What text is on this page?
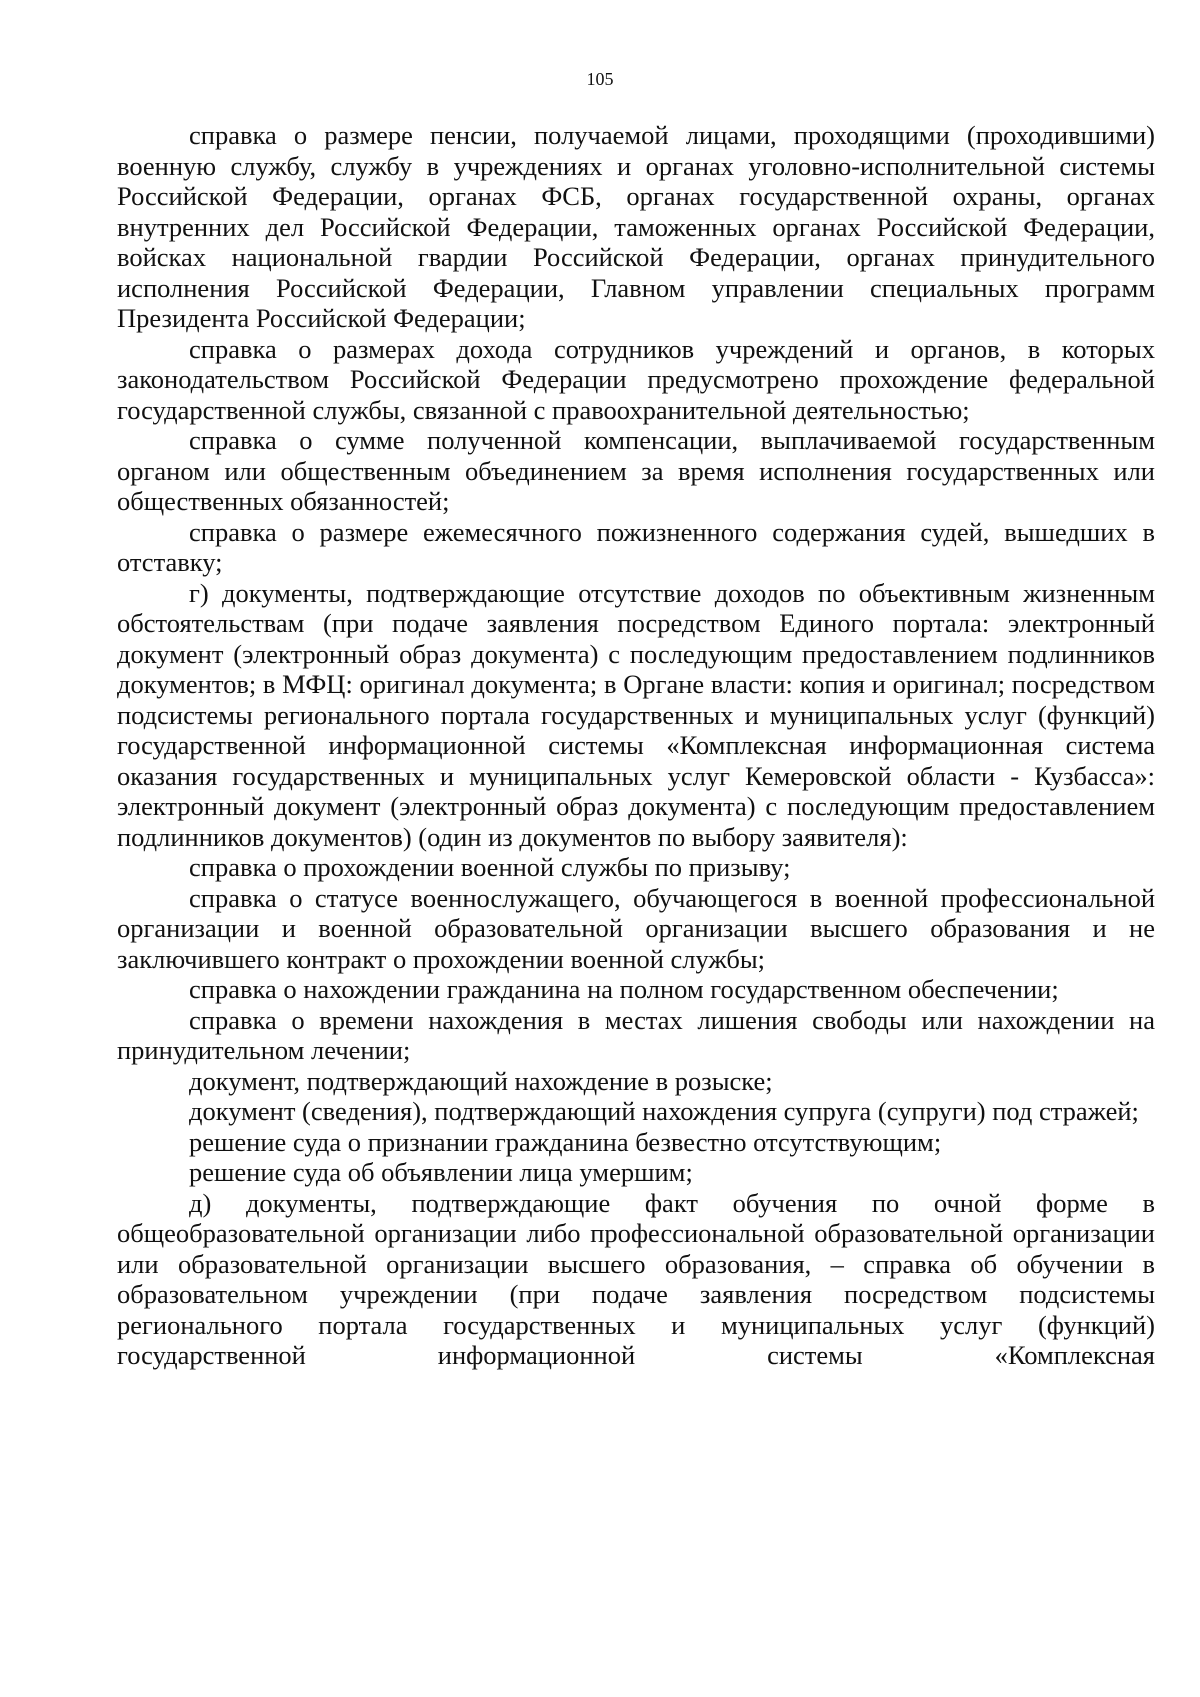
105

справка о размере пенсии, получаемой лицами, проходящими (проходившими) военную службу, службу в учреждениях и органах уголовно-исполнительной системы Российской Федерации, органах ФСБ, органах государственной охраны, органах внутренних дел Российской Федерации, таможенных органах Российской Федерации, войсках национальной гвардии Российской Федерации, органах принудительного исполнения Российской Федерации, Главном управлении специальных программ Президента Российской Федерации;

справка о размерах дохода сотрудников учреждений и органов, в которых законодательством Российской Федерации предусмотрено прохождение федеральной государственной службы, связанной с правоохранительной деятельностью;

справка о сумме полученной компенсации, выплачиваемой государственным органом или общественным объединением за время исполнения государственных или общественных обязанностей;

справка о размере ежемесячного пожизненного содержания судей, вышедших в отставку;

г) документы, подтверждающие отсутствие доходов по объективным жизненным обстоятельствам (при подаче заявления посредством Единого портала: электронный документ (электронный образ документа) с последующим предоставлением подлинников документов; в МФЦ: оригинал документа; в Органе власти: копия и оригинал; посредством подсистемы регионального портала государственных и муниципальных услуг (функций) государственной информационной системы «Комплексная информационная система оказания государственных и муниципальных услуг Кемеровской области - Кузбасса»: электронный документ (электронный образ документа) с последующим предоставлением подлинников документов) (один из документов по выбору заявителя):

справка о прохождении военной службы по призыву;

справка о статусе военнослужащего, обучающегося в военной профессиональной организации и военной образовательной организации высшего образования и не заключившего контракт о прохождении военной службы;

справка о нахождении гражданина на полном государственном обеспечении;

справка о времени нахождения в местах лишения свободы или нахождении на принудительном лечении;

документ, подтверждающий нахождение в розыске;

документ (сведения), подтверждающий нахождения супруга (супруги) под стражей;

решение суда о признании гражданина безвестно отсутствующим;

решение суда об объявлении лица умершим;

д) документы, подтверждающие факт обучения по очной форме в общеобразовательной организации либо профессиональной образовательной организации или образовательной организации высшего образования, – справка об обучении в образовательном учреждении (при подаче заявления посредством подсистемы регионального портала государственных и муниципальных услуг (функций) государственной информационной системы «Комплексная
